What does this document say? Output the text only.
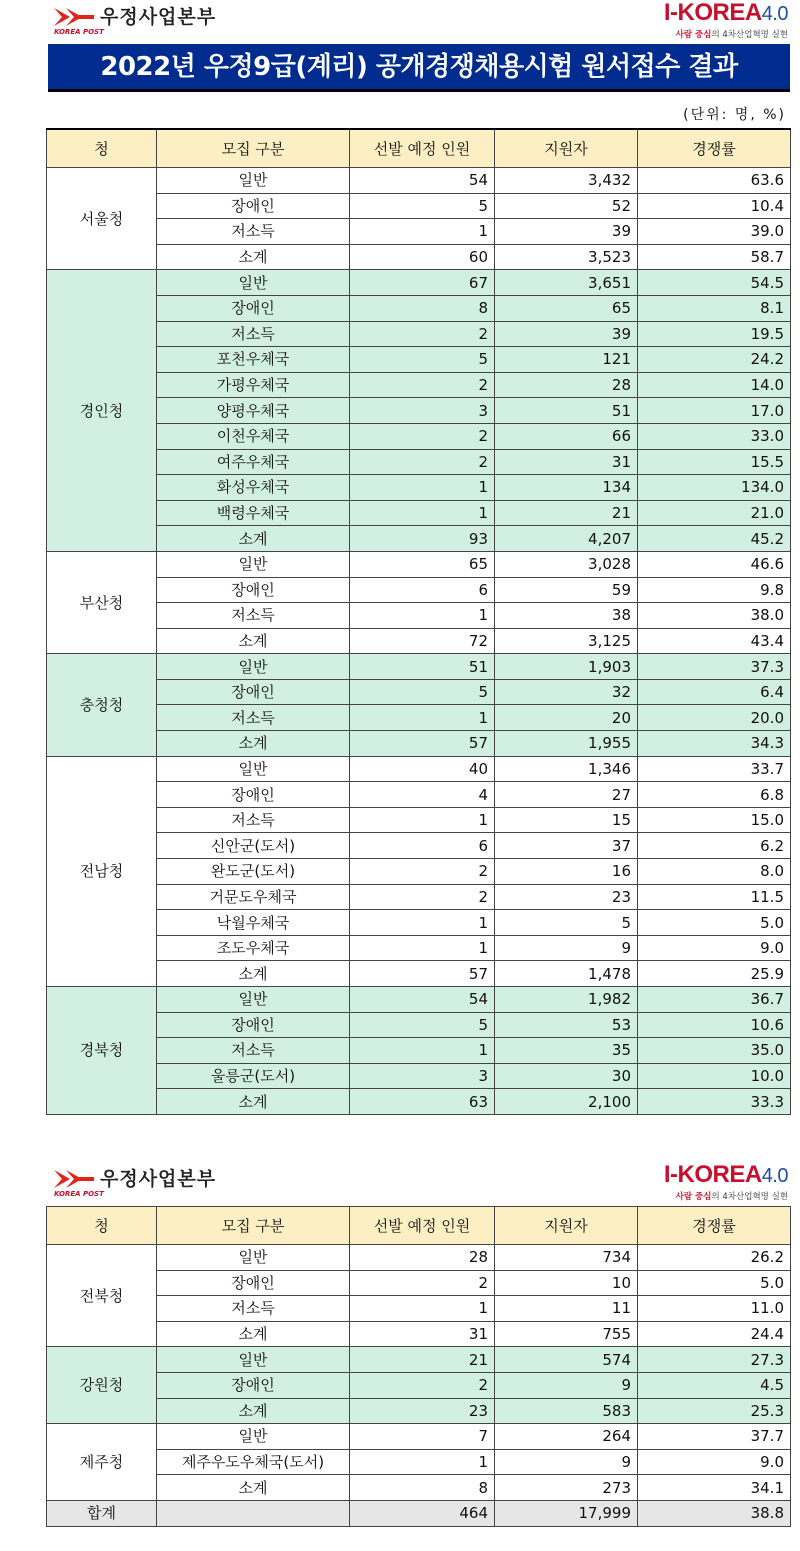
우정사업본부
KOREA POST
I-KOREA4.0
사람 중심의 4차산업혁명 실현
2022년 우정9급(계리) 공개경쟁채용시험 원서접수 결과
(단위: 명, %)
청	모집 구분	선발 예정 인원	지원자	경쟁률
서울청	일반	54	3,432	63.6
	장애인	5	52	10.4
	저소득	1	39	39.0
	소계	60	3,523	58.7
경인청	일반	67	3,651	54.5
	장애인	8	65	8.1
	저소득	2	39	19.5
	포천우체국	5	121	24.2
	가평우체국	2	28	14.0
	양평우체국	3	51	17.0
	이천우체국	2	66	33.0
	여주우체국	2	31	15.5
	화성우체국	1	134	134.0
	백령우체국	1	21	21.0
	소계	93	4,207	45.2
부산청	일반	65	3,028	46.6
	장애인	6	59	9.8
	저소득	1	38	38.0
	소계	72	3,125	43.4
충청청	일반	51	1,903	37.3
	장애인	5	32	6.4
	저소득	1	20	20.0
	소계	57	1,955	34.3
전남청	일반	40	1,346	33.7
	장애인	4	27	6.8
	저소득	1	15	15.0
	신안군(도서)	6	37	6.2
	완도군(도서)	2	16	8.0
	거문도우체국	2	23	11.5
	낙월우체국	1	5	5.0
	조도우체국	1	9	9.0
	소계	57	1,478	25.9
경북청	일반	54	1,982	36.7
	장애인	5	53	10.6
	저소득	1	35	35.0
	울릉군(도서)	3	30	10.0
	소계	63	2,100	33.3
우정사업본부
KOREA POST
I-KOREA4.0
사람 중심의 4차산업혁명 실현
청	모집 구분	선발 예정 인원	지원자	경쟁률
전북청	일반	28	734	26.2
	장애인	2	10	5.0
	저소득	1	11	11.0
	소계	31	755	24.4
강원청	일반	21	574	27.3
	장애인	2	9	4.5
	소계	23	583	25.3
제주청	일반	7	264	37.7
	제주우도우체국(도서)	1	9	9.0
	소계	8	273	34.1
합계		464	17,999	38.8
